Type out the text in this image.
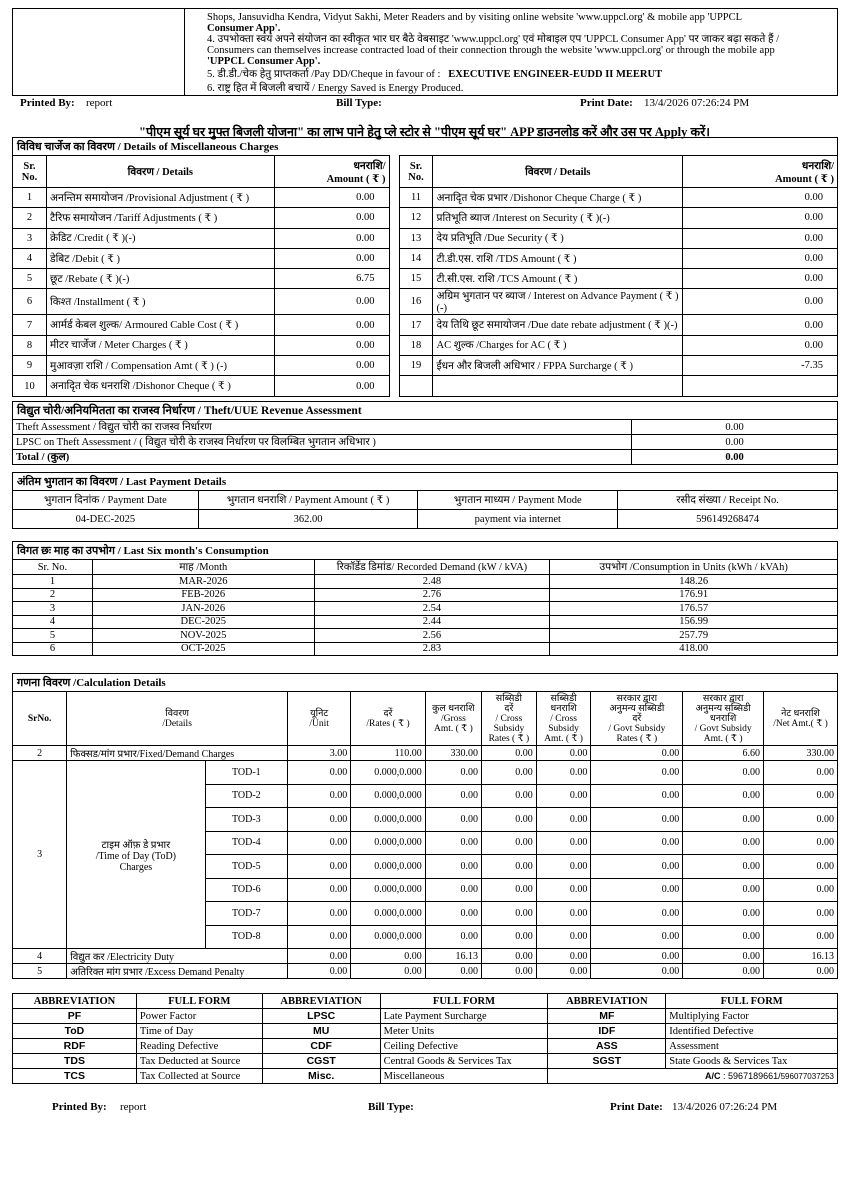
Shops, Jansuvidha Kendra, Vidyut Sakhi, Meter Readers and by visiting online website 'www.uppcl.org' & mobile app 'UPPCL
Consumer App'.
4. उपभोक्ता स्वयं अपने संयोजन का स्वीकृत भार घर बैठे वेबसाइट 'www.uppcl.org' एवं मोबाइल एप 'UPPCL Consumer App' पर जाकर बढ़ा सकते हैं /
Consumers can themselves increase contracted load of their connection through the website 'www.uppcl.org' or through the mobile app
'UPPCL Consumer App'.
5. डी.डी./चेक हेतु प्राप्तकर्ता /Pay DD/Cheque in favour of : EXECUTIVE ENGINEER-EUDD II MEERUT
6. राष्ट्र हित में बिजली बचायें / Energy Saved is Energy Produced.
Printed By: report	Bill Type:	Print Date: 13/4/2026 07:26:24 PM
"पीएम सूर्य घर मुफ्त बिजली योजना" का लाभ पाने हेतु प्ले स्टोर से "पीएम सूर्य घर" APP डाउनलोड करें और उस पर Apply करें।
विविध चार्जेज का विवरण / Details of Miscellaneous Charges
Sr.
No.	विवरण / Details	धनराशि/
Amount ( ₹ )		Sr.
No.	विवरण / Details	धनराशि/
Amount ( ₹ )
1	अनन्तिम समायोजन /Provisional Adjustment ( ₹ )	0.00		11	अनादृित चेक प्रभार /Dishonor Cheque Charge ( ₹ )	0.00
2	टैरिफ समायोजन /Tariff Adjustments ( ₹ )	0.00		12	प्रतिभूति ब्याज /Interest on Security ( ₹ )(-)	0.00
3	क्रेडिट /Credit ( ₹ )(-)	0.00		13	देय प्रतिभूति /Due Security ( ₹ )	0.00
4	डेबिट /Debit ( ₹ )	0.00		14	टी.डी.एस. राशि /TDS Amount ( ₹ )	0.00
5	छूट /Rebate ( ₹ )(-)	6.75		15	टी.सी.एस. राशि /TCS Amount ( ₹ )	0.00
6	किश्त /Installment ( ₹ )	0.00		16	अग्रिम भुगतान पर ब्याज / Interest on Advance Payment ( ₹ )(-)	0.00
7	आर्मर्ड केबल शुल्क/ Armoured Cable Cost ( ₹ )	0.00		17	देय तिथि छूट समायोजन /Due date rebate adjustment ( ₹ )(-)	0.00
8	मीटर चार्जेज / Meter Charges ( ₹ )	0.00		18	AC शुल्क /Charges for AC ( ₹ )	0.00
9	मुआवज़ा राशि / Compensation Amt ( ₹ ) (-)	0.00		19	ईंधन और बिजली अधिभार / FPPA Surcharge ( ₹ )	-7.35
10	अनादृित चेक धनराशि /Dishonor Cheque ( ₹ )	0.00				
विद्युत चोरी/अनियमितता का राजस्व निर्धारण / Theft/UUE Revenue Assessment
Theft Assessment / विद्युत चोरी का राजस्व निर्धारण	0.00
LPSC on Theft Assessment / ( विद्युत चोरी के राजस्व निर्धारण पर विलम्बित भुगतान अधिभार )	0.00
Total / (कुल)	0.00
अंतिम भुगतान का विवरण / Last Payment Details
भुगतान दिनांक / Payment Date	भुगतान धनराशि / Payment Amount ( ₹ )	भुगतान माध्यम / Payment Mode	रसीद संख्या / Receipt No.
04-DEC-2025	362.00	payment via internet	596149268474
विगत छः माह का उपभोग / Last Six month's Consumption
Sr. No.	माह /Month	रिकॉर्डेड डिमांड/ Recorded Demand (kW / kVA)	उपभोग /Consumption in Units (kWh / kVAh)
1	MAR-2026	2.48	148.26
2	FEB-2026	2.76	176.91
3	JAN-2026	2.54	176.57
4	DEC-2025	2.44	156.99
5	NOV-2025	2.56	257.79
6	OCT-2025	2.83	418.00
गणना विवरण /Calculation Details
SrNo.	विवरण
/Details		यूनिट
/Unit	दरें
/Rates ( ₹ )	कुल धनराशि
/Gross
Amt. ( ₹ )	सब्सिडी
दरें
/ Cross
Subsidy
Rates ( ₹ )	सब्सिडी
धनराशि
/ Cross
Subsidy
Amt. ( ₹ )	सरकार द्वारा
अनुमन्य सब्सिडी
दरें
/ Govt Subsidy
Rates ( ₹ )	सरकार द्वारा
अनुमन्य सब्सिडी
धनराशि
/ Govt Subsidy
Amt. ( ₹ )	नेट धनराशि
/Net Amt.( ₹ )
2	फिक्सड/मांग प्रभार/Fixed/Demand Charges		3.00	110.00	330.00	0.00	0.00	0.00	6.60	330.00
3	टाइम ऑफ़ डे प्रभार
/Time of Day (ToD)
Charges	TOD-1	0.00	0.000,0.000	0.00	0.00	0.00	0.00	0.00	0.00
		TOD-2	0.00	0.000,0.000	0.00	0.00	0.00	0.00	0.00	0.00
		TOD-3	0.00	0.000,0.000	0.00	0.00	0.00	0.00	0.00	0.00
		TOD-4	0.00	0.000,0.000	0.00	0.00	0.00	0.00	0.00	0.00
		TOD-5	0.00	0.000,0.000	0.00	0.00	0.00	0.00	0.00	0.00
		TOD-6	0.00	0.000,0.000	0.00	0.00	0.00	0.00	0.00	0.00
		TOD-7	0.00	0.000,0.000	0.00	0.00	0.00	0.00	0.00	0.00
		TOD-8	0.00	0.000,0.000	0.00	0.00	0.00	0.00	0.00	0.00
4	विद्युत कर /Electricity Duty		0.00	0.00	16.13	0.00	0.00	0.00	0.00	16.13
5	अतिरिक्त मांग प्रभार /Excess Demand Penalty		0.00	0.00	0.00	0.00	0.00	0.00	0.00	0.00
ABBREVIATION	FULL FORM	ABBREVIATION	FULL FORM	ABBREVIATION	FULL FORM
PF	Power Factor	LPSC	Late Payment Surcharge	MF	Multiplying Factor
ToD	Time of Day	MU	Meter Units	IDF	Identified Defective
RDF	Reading Defective	CDF	Ceiling Defective	ASS	Assessment
TDS	Tax Deducted at Source	CGST	Central Goods & Services Tax	SGST	State Goods & Services Tax
TCS	Tax Collected at Source	Misc.	Miscellaneous	A/C : 5967189661/596077037253	
Printed By: report	Bill Type:	Print Date: 13/4/2026 07:26:24 PM
